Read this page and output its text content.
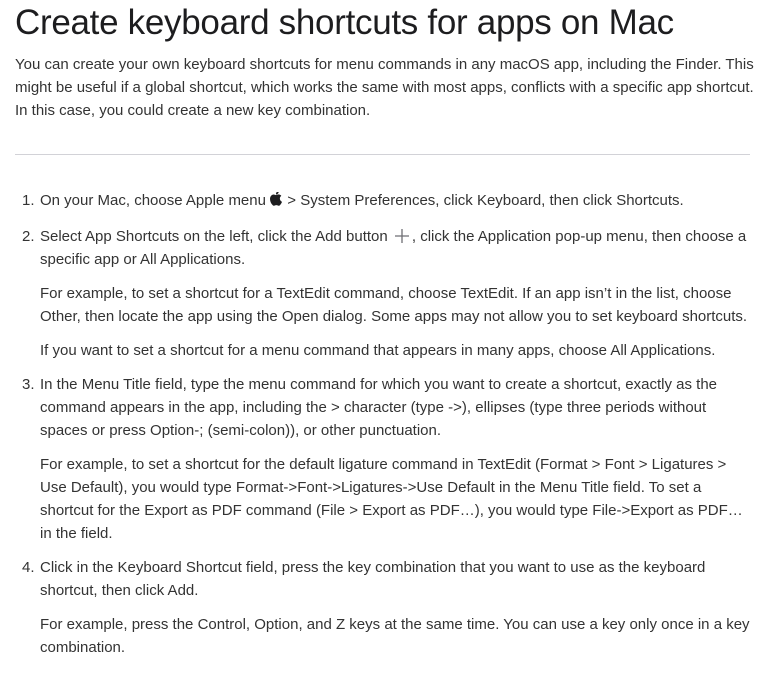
Create keyboard shortcuts for apps on Mac

You can create your own keyboard shortcuts for menu commands in any macOS app, including the Finder. This might be useful if a global shortcut, which works the same with most apps, conflicts with a specific app shortcut. In this case, you could create a new key combination.

1. On your Mac, choose Apple menu  > System Preferences, click Keyboard, then click Shortcuts.

2. Select App Shortcuts on the left, click the Add button , click the Application pop-up menu, then choose a specific app or All Applications.

For example, to set a shortcut for a TextEdit command, choose TextEdit. If an app isn’t in the list, choose Other, then locate the app using the Open dialog. Some apps may not allow you to set keyboard shortcuts.

If you want to set a shortcut for a menu command that appears in many apps, choose All Applications.

3. In the Menu Title field, type the menu command for which you want to create a shortcut, exactly as the command appears in the app, including the > character (type ->), ellipses (type three periods without spaces or press Option-; (semi-colon)), or other punctuation.

For example, to set a shortcut for the default ligature command in TextEdit (Format > Font > Ligatures > Use Default), you would type Format->Font->Ligatures->Use Default in the Menu Title field. To set a shortcut for the Export as PDF command (File > Export as PDF…), you would type File->Export as PDF… in the field.

4. Click in the Keyboard Shortcut field, press the key combination that you want to use as the keyboard shortcut, then click Add.

For example, press the Control, Option, and Z keys at the same time. You can use a key only once in a key combination.
